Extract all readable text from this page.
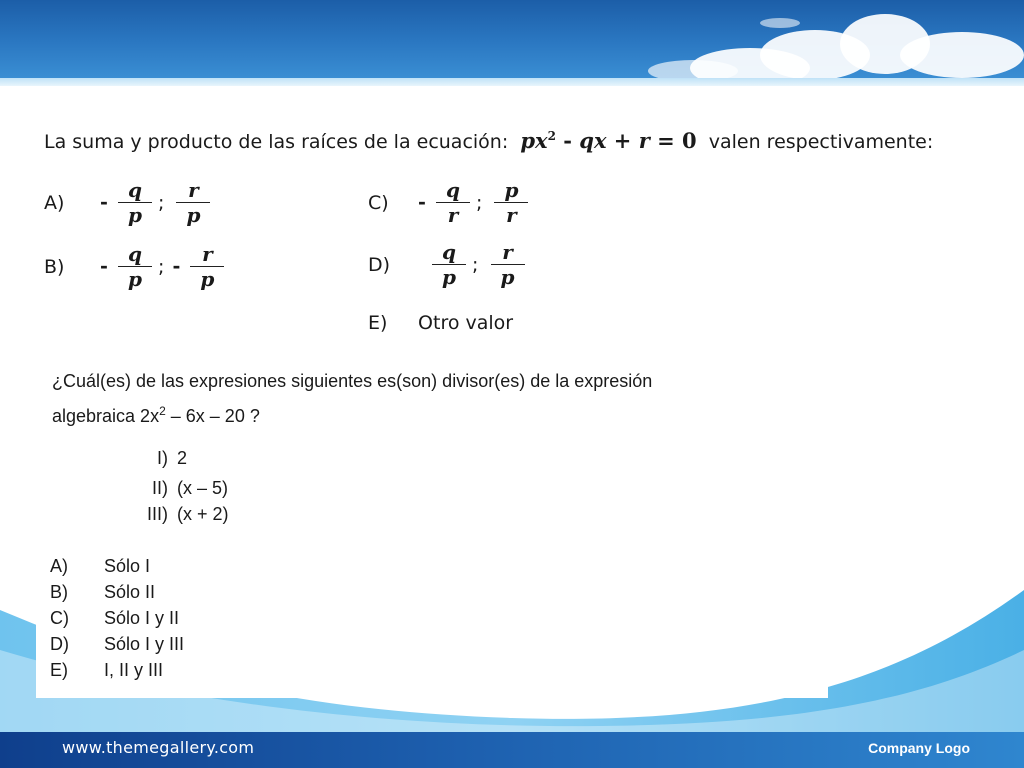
www.themegallery.com	Company Logo
La suma y producto de las raíces de la ecuación: $px^2$ - qx + r = 0 valen respectivamente:
$A) - \frac{q}{p}$ ; $\frac{r}{p}$
$B) - \frac{q}{p}$ ; - $\frac{r}{p}$
$C) - \frac{q}{r}$ ; $\frac{p}{r}$
$D) \frac{q}{p}$ ; $\frac{r}{p}$
E) Otro valor
¿Cuál(es) de las expresiones siguientes es(son) divisor(es) de la expresión
algebraica $2x^2 - 6x - 20$ ?
I) 2
II) (x – 5)
III) (x + 2)
A) Sólo I
B) Sólo II
C) Sólo I y II
D) Sólo I y III
E) I, II y III
